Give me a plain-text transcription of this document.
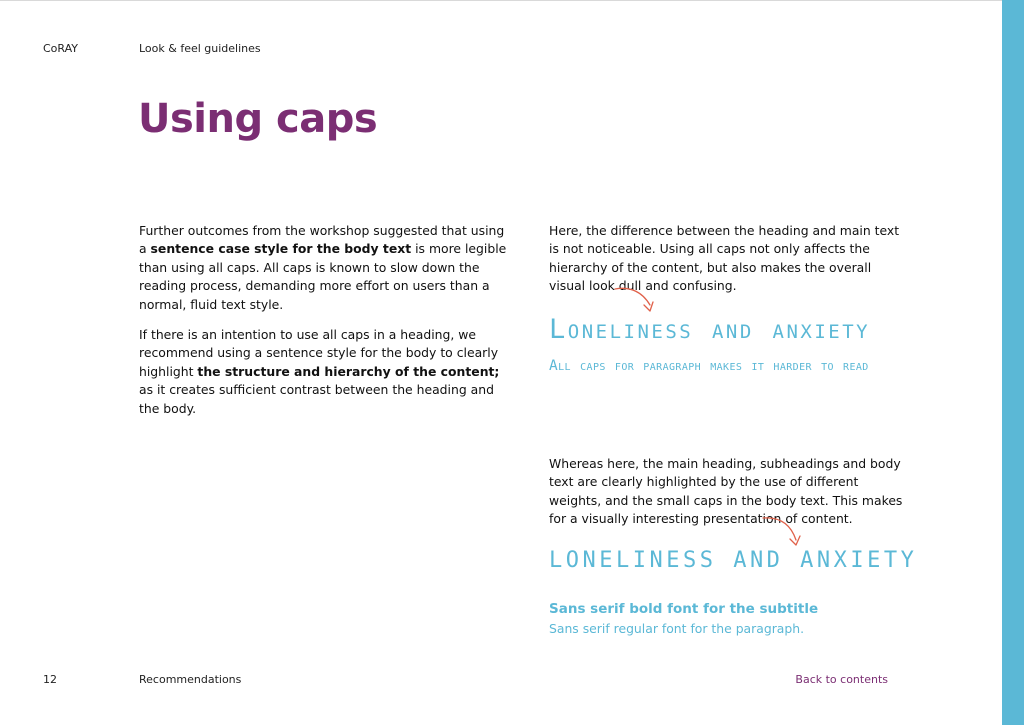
CoRAY	Look & feel guidelines
Using caps

Further outcomes from the workshop suggested that using a sentence case style for the body text is more legible than using all caps. All caps is known to slow down the reading process, demanding more effort on users than a normal, fluid text style.

If there is an intention to use all caps in a heading, we recommend using a sentence style for the body to clearly highlight the structure and hierarchy of the content; as it creates sufficient contrast between the heading and the body.

Here, the difference between the heading and main text is not noticeable. Using all caps not only affects the hierarchy of the content, but also makes the overall visual look dull and confusing.

Loneliness and anxiety
All caps for paragraph makes it harder to read

Whereas here, the main heading, subheadings and body text are clearly highlighted by the use of different weights, and the small caps in the body text. This makes for a visually interesting presentation of content.

LONELINESS AND ANXIETY
Sans serif bold font for the subtitle
Sans serif regular font for the paragraph.
12	Recommendations	Back to contents
